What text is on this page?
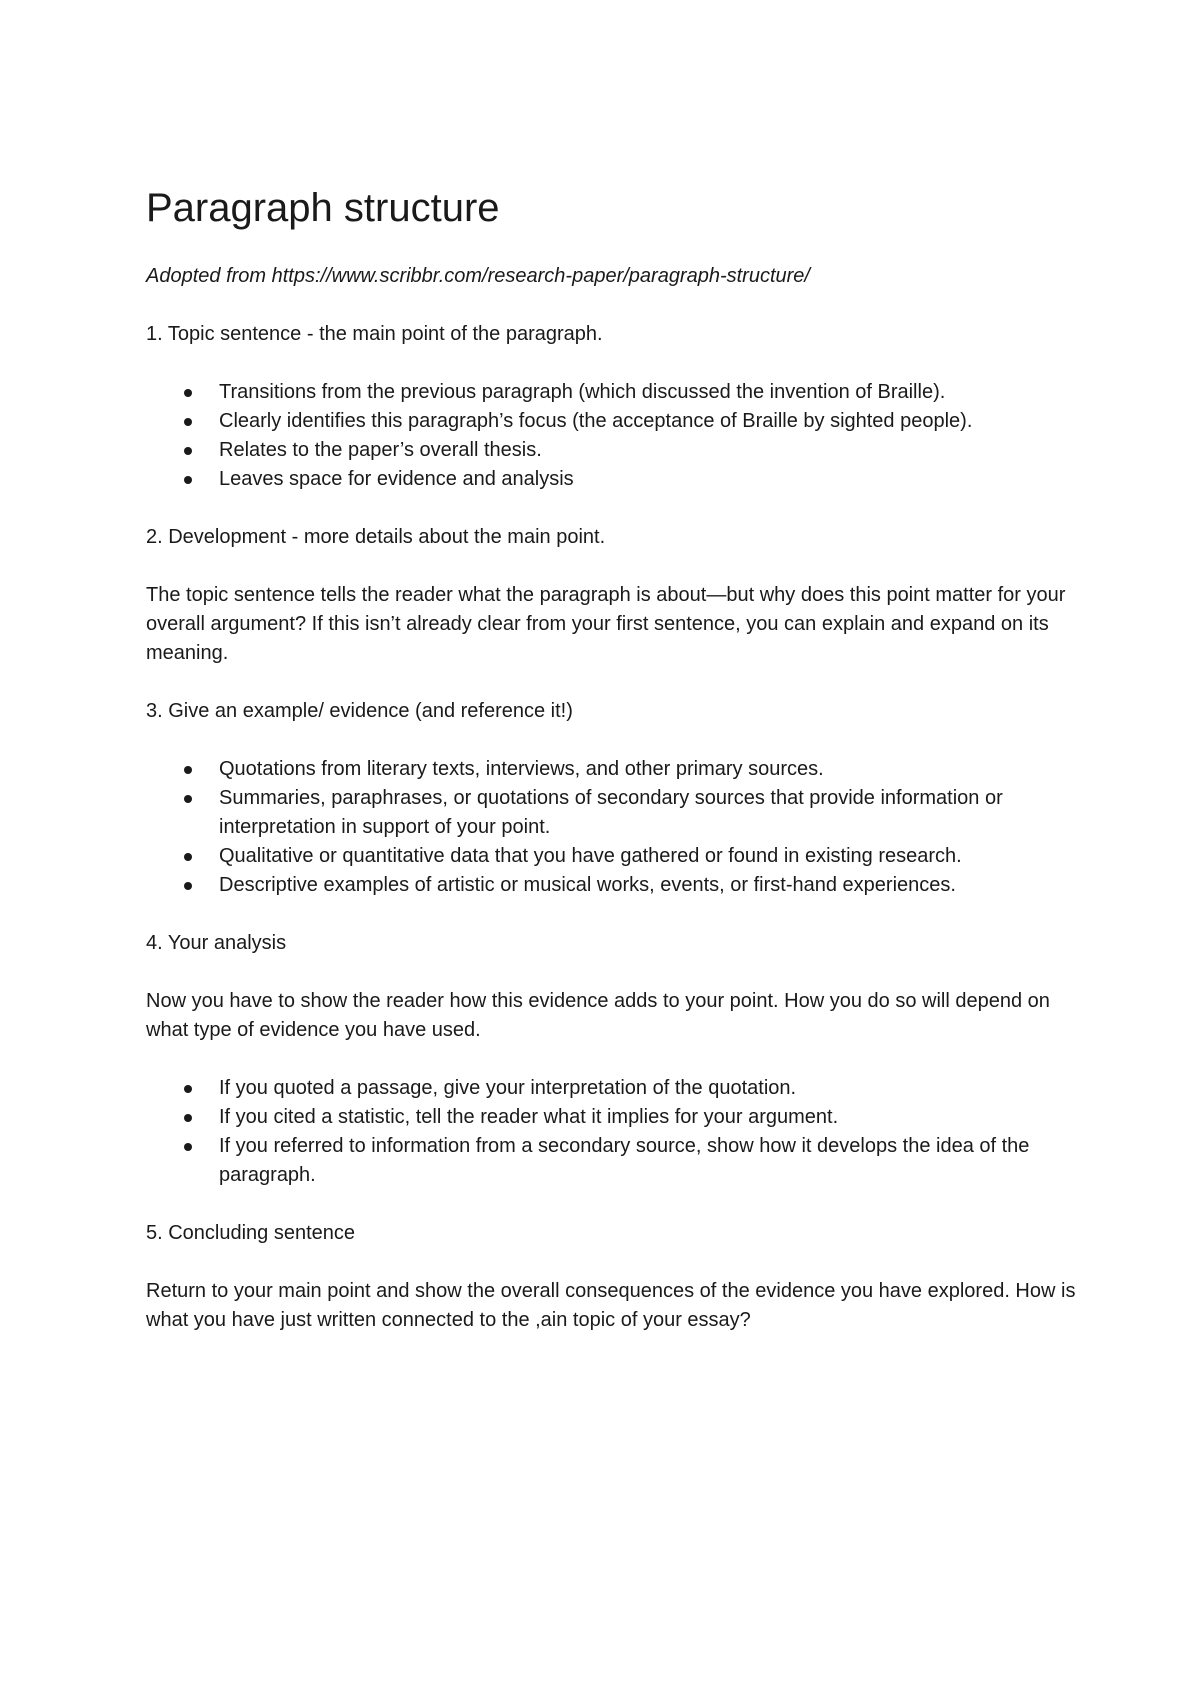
Paragraph structure

Adopted from https://www.scribbr.com/research-paper/paragraph-structure/

1. Topic sentence - the main point of the paragraph.

Transitions from the previous paragraph (which discussed the invention of Braille).
Clearly identifies this paragraph’s focus (the acceptance of Braille by sighted people).
Relates to the paper’s overall thesis.
Leaves space for evidence and analysis

2. Development - more details about the main point.

The topic sentence tells the reader what the paragraph is about—but why does this point matter for your overall argument? If this isn’t already clear from your first sentence, you can explain and expand on its meaning.

3. Give an example/ evidence (and reference it!)

Quotations from literary texts, interviews, and other primary sources.
Summaries, paraphrases, or quotations of secondary sources that provide information or interpretation in support of your point.
Qualitative or quantitative data that you have gathered or found in existing research.
Descriptive examples of artistic or musical works, events, or first-hand experiences.

4. Your analysis

Now you have to show the reader how this evidence adds to your point. How you do so will depend on what type of evidence you have used.

If you quoted a passage, give your interpretation of the quotation.
If you cited a statistic, tell the reader what it implies for your argument.
If you referred to information from a secondary source, show how it develops the idea of the paragraph.

5. Concluding sentence

Return to your main point and show the overall consequences of the evidence you have explored. How is what you have just written connected to the ,ain topic of your essay?
